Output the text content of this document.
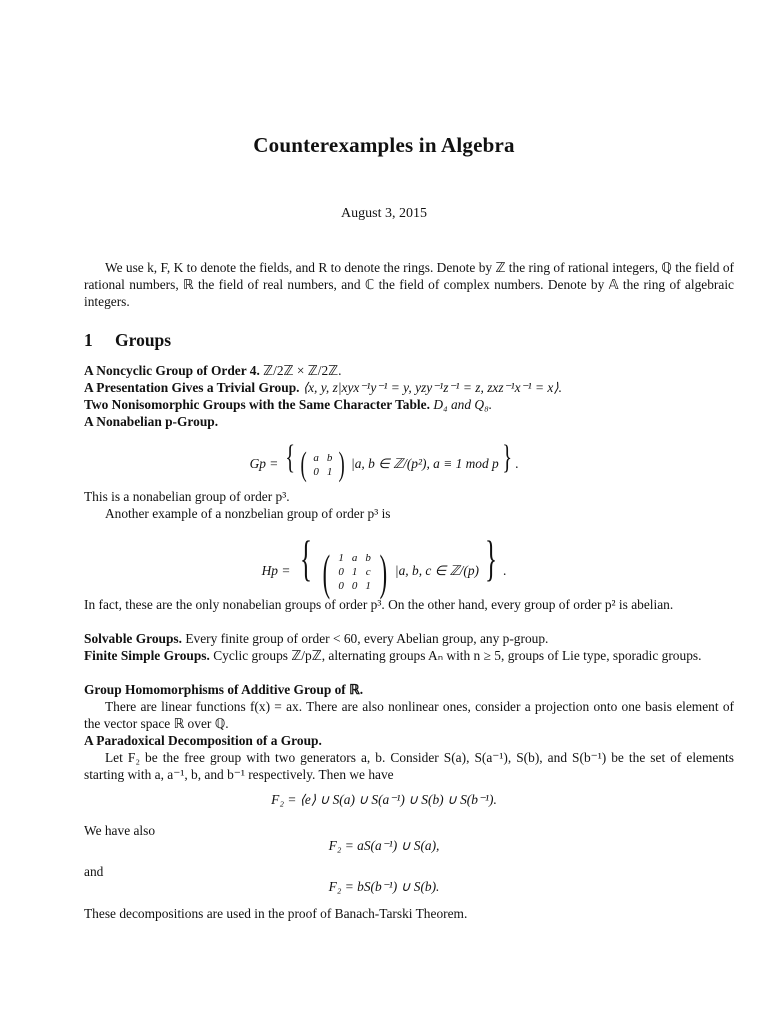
Counterexamples in Algebra
August 3, 2015
We use k, F, K to denote the fields, and R to denote the rings. Denote by ℤ the ring of rational integers, ℚ the field of rational numbers, ℝ the field of real numbers, and ℂ the field of complex numbers. Denote by 𝔸 the ring of algebraic integers.
1 Groups
A Noncyclic Group of Order 4. ℤ/2ℤ × ℤ/2ℤ.
A Presentation Gives a Trivial Group. ⟨x, y, z|xyx⁻¹y⁻¹ = y, yzy⁻¹z⁻¹ = z, zxz⁻¹x⁻¹ = x⟩.
Two Nonisomorphic Groups with the Same Character Table. D₄ and Q₈.
A Nonabelian p-Group.
Gp = { ( a	b
0	1 ) |a, b ∈ ℤ/(p²), a ≡ 1 mod p} .
This is a nonabelian group of order p³.
Another example of a nonzbelian group of order p³ is
Hp = { ( 1	a	b
0	1	c
0	0	1 ) |a, b, c ∈ ℤ/(p) } .
In fact, these are the only nonabelian groups of order p³. On the other hand, every group of order p² is abelian.
Solvable Groups. Every finite group of order < 60, every Abelian group, any p-group.
Finite Simple Groups. Cyclic groups ℤ/pℤ, alternating groups Aₙ with n ≥ 5, groups of Lie type, sporadic groups.
Group Homomorphisms of Additive Group of ℝ.
There are linear functions f(x) = ax. There are also nonlinear ones, consider a projection onto one basis element of the vector space ℝ over ℚ.
A Paradoxical Decomposition of a Group.
Let F₂ be the free group with two generators a, b. Consider S(a), S(a⁻¹), S(b), and S(b⁻¹) be the set of elements starting with a, a⁻¹, b, and b⁻¹ respectively. Then we have
F₂ = ⟨e⟩ ∪ S(a) ∪ S(a⁻¹) ∪ S(b) ∪ S(b⁻¹).
We have also
F₂ = aS(a⁻¹) ∪ S(a),
and
F₂ = bS(b⁻¹) ∪ S(b).
These decompositions are used in the proof of Banach-Tarski Theorem.
